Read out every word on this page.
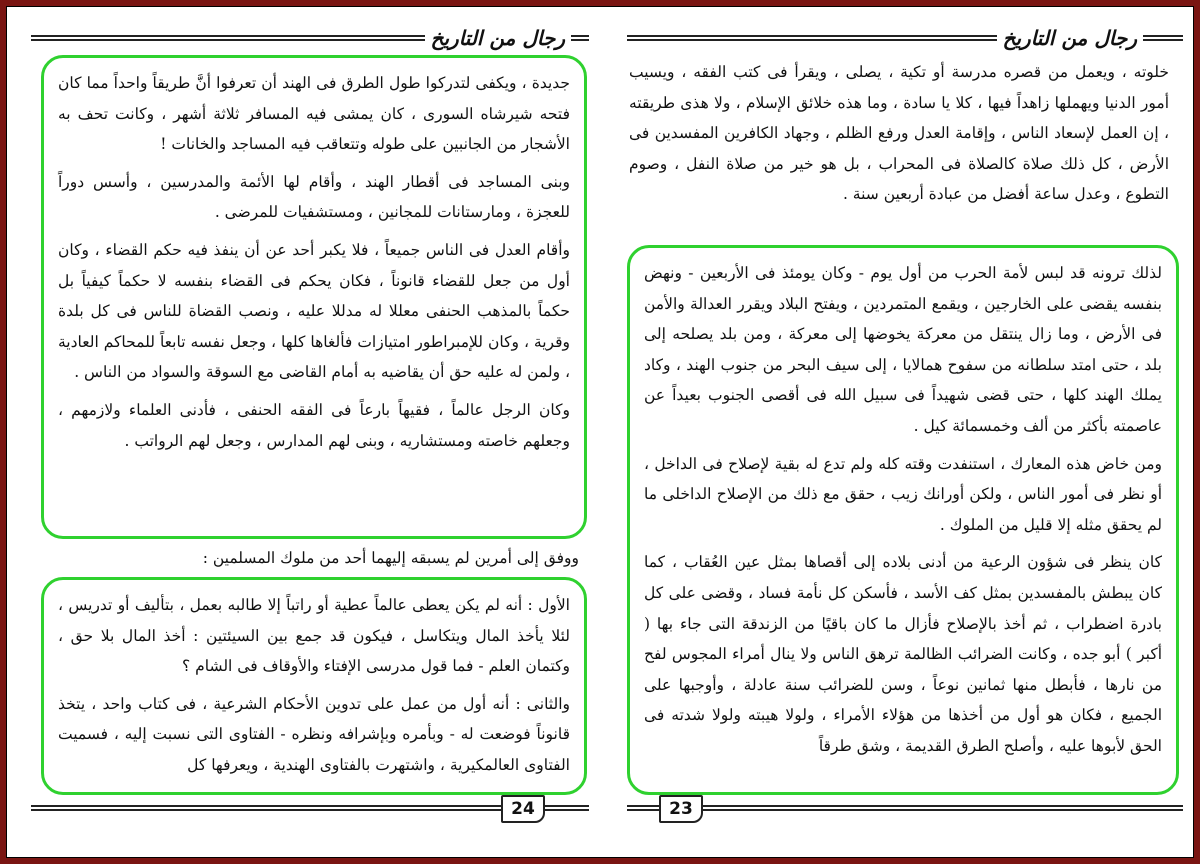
رجال من التاريخ
جديدة ، ويكفى لتدركوا طول الطرق فى الهند أن تعرفوا أنَّ طريقاً واحداً مما كان فتحه شيرشاه السورى ، كان يمشى فيه المسافر ثلاثة أشهر ، وكانت تحف به الأشجار من الجانبين على طوله وتتعاقب فيه المساجد والخانات !
وبنى المساجد فى أقطار الهند ، وأقام لها الأئمة والمدرسين ، وأسس دوراً للعجزة ، ومارستانات للمجانين ، ومستشفيات للمرضى .
وأقام العدل فى الناس جميعاً ، فلا يكبر أحد عن أن ينفذ فيه حكم القضاء ، وكان أول من جعل للقضاء قانوناً ، فكان يحكم فى القضاء بنفسه لا حكماً كيفياً بل حكماً بالمذهب الحنفى معللا له مدللا عليه ، ونصب القضاة للناس فى كل بلدة وقرية ، وكان للإمبراطور امتيازات فألغاها كلها ، وجعل نفسه تابعاً للمحاكم العادية ، ولمن له عليه حق أن يقاضيه به أمام القاضى مع السوقة والسواد من الناس .
وكان الرجل عالماً ، فقيهاً بارعاً فى الفقه الحنفى ، فأدنى العلماء ولازمهم ، وجعلهم خاصته ومستشاريه ، وبنى لهم المدارس ، وجعل لهم الرواتب .
ووفق إلى أمرين لم يسبقه إليهما أحد من ملوك المسلمين :
الأول : أنه لم يكن يعطى عالماً عطية أو راتباً إلا طالبه بعمل ، بتأليف أو تدريس ، لئلا يأخذ المال ويتكاسل ، فيكون قد جمع بين السيئتين : أخذ المال بلا حق ، وكتمان العلم - فما قول مدرسى الإفتاء والأوقاف فى الشام ؟
والثانى : أنه أول من عمل على تدوين الأحكام الشرعية ، فى كتاب واحد ، يتخذ قانوناً فوضعت له - وبأمره وبإشرافه ونظره - الفتاوى التى نسبت إليه ، فسميت الفتاوى العالمكيرية ، واشتهرت بالفتاوى الهندية ، ويعرفها كل
24
رجال من التاريخ
خلوته ، ويعمل من قصره مدرسة أو تكية ، يصلى ، ويقرأ فى كتب الفقه ، ويسيب أمور الدنيا ويهملها زاهداً فيها ، كلا يا سادة ، وما هذه خلائق الإسلام ، ولا هذى طريقته ، إن العمل لإسعاد الناس ، وإقامة العدل ورفع الظلم ، وجهاد الكافرين المفسدين فى الأرض ، كل ذلك صلاة كالصلاة فى المحراب ، بل هو خير من صلاة النفل ، وصوم التطوع ، وعدل ساعة أفضل من عبادة أربعين سنة .
لذلك ترونه قد لبس لأمة الحرب من أول يوم - وكان يومئذ فى الأربعين - ونهض بنفسه يقضى على الخارجين ، ويقمع المتمردين ، ويفتح البلاد ويقرر العدالة والأمن فى الأرض ، وما زال ينتقل من معركة يخوضها إلى معركة ، ومن بلد يصلحه إلى بلد ، حتى امتد سلطانه من سفوح همالايا ، إلى سيف البحر من جنوب الهند ، وكاد يملك الهند كلها ، حتى قضى شهيداً فى سبيل الله فى أقصى الجنوب بعيداً عن عاصمته بأكثر من ألف وخمسمائة كيل .
ومن خاض هذه المعارك ، استنفدت وقته كله ولم تدع له بقية لإصلاح فى الداخل ، أو نظر فى أمور الناس ، ولكن أورانك زيب ، حقق مع ذلك من الإصلاح الداخلى ما لم يحقق مثله إلا قليل من الملوك .
كان ينظر فى شؤون الرعية من أدنى بلاده إلى أقصاها بمثل عين العُقاب ، كما كان يبطش بالمفسدين بمثل كف الأسد ، فأسكن كل نأمة فساد ، وقضى على كل بادرة اضطراب ، ثم أخذ بالإصلاح فأزال ما كان باقيًا من الزندقة التى جاء بها ( أكبر ) أبو جده ، وكانت الضرائب الظالمة ترهق الناس ولا ينال أمراء المجوس لفح من نارها ، فأبطل منها ثمانين نوعاً ، وسن للضرائب سنة عادلة ، وأوجبها على الجميع ، فكان هو أول من أخذها من هؤلاء الأمراء ، ولولا هيبته ولولا شدته فى الحق لأبوها عليه ، وأصلح الطرق القديمة ، وشق طرقاً
23
